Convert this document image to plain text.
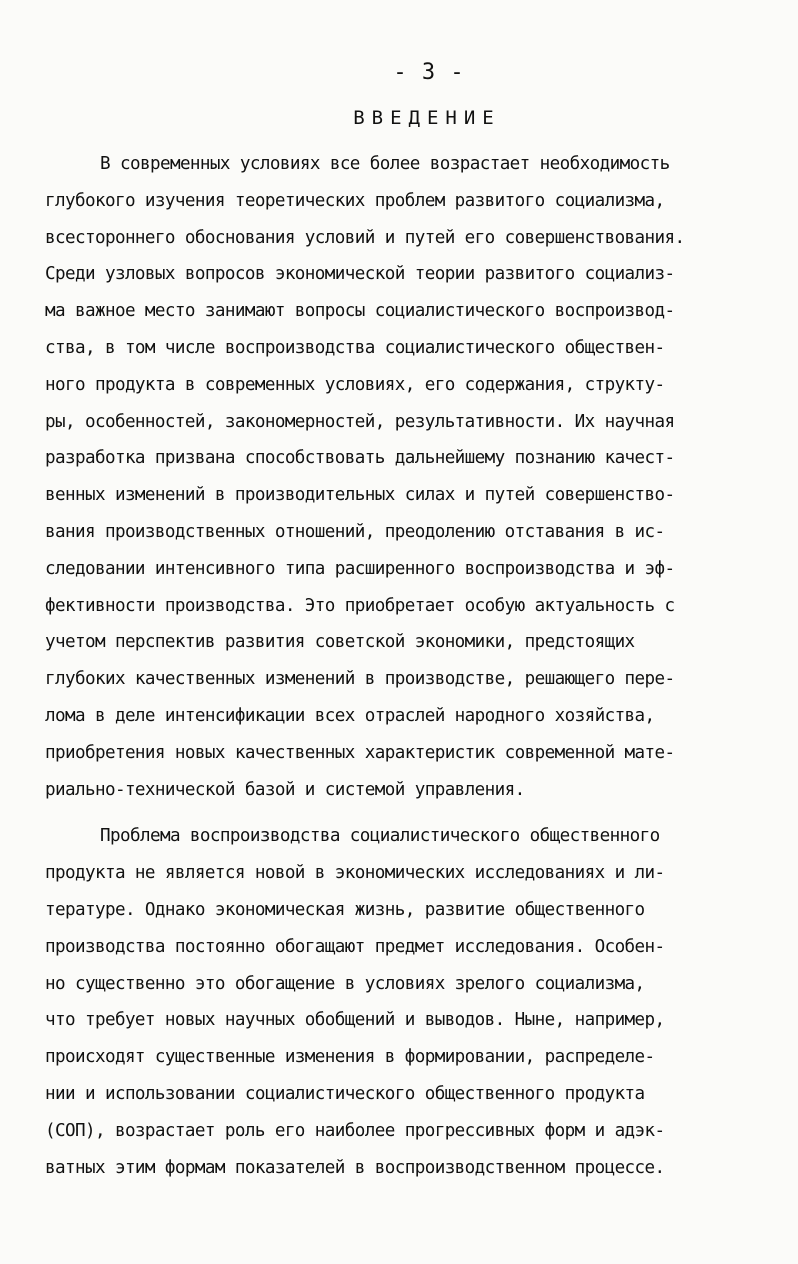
- 3 -
ВВЕДЕНИЕ
В современных условиях все более возрастает необходимость
глубокого изучения теоретических проблем развитого социализма,
всестороннего обоснования условий и путей его совершенствования.
Среди узловых вопросов экономической теории развитого социализ-
ма важное место занимают вопросы социалистического воспроизвод-
ства, в том числе воспроизводства социалистического обществен-
ного продукта в современных условиях, его содержания, структу-
ры, особенностей, закономерностей, результативности. Их научная
разработка призвана способствовать дальнейшему познанию качест-
венных изменений в производительных силах и путей совершенство-
вания производственных отношений, преодолению отставания в ис-
следовании интенсивного типа расширенного воспроизводства и эф-
фективности производства. Это приобретает особую актуальность с
учетом перспектив развития советской экономики, предстоящих
глубоких качественных изменений в производстве, решающего пере-
лома в деле интенсификации всех отраслей народного хозяйства,
приобретения новых качественных характеристик современной мате-
риально-технической базой и системой управления.
Проблема воспроизводства социалистического общественного
продукта не является новой в экономических исследованиях и ли-
тературе. Однако экономическая жизнь, развитие общественного
производства постоянно обогащают предмет исследования. Особен-
но существенно это обогащение в условиях зрелого социализма,
что требует новых научных обобщений и выводов. Ныне, например,
происходят существенные изменения в формировании, распределе-
нии и использовании социалистического общественного продукта
(СОП), возрастает роль его наиболее прогрессивных форм и адэк-
ватных этим формам показателей в воспроизводственном процессе.
